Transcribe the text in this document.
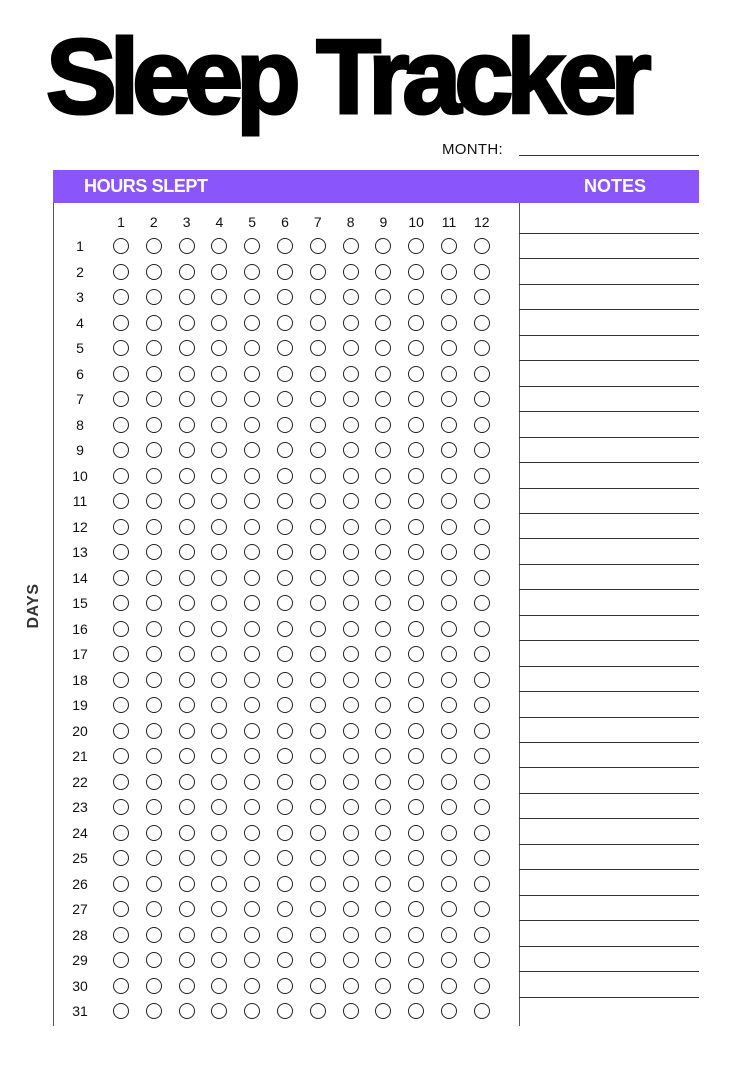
Sleep Tracker
MONTH:
HOURS SLEPT	NOTES
DAYS
1	2	3	4	5	6	7	8	9	10	11	12
1
2
3
4
5
6
7
8
9
10
11
12
13
14
15
16
17
18
19
20
21
22
23
24
25
26
27
28
29
30
31
